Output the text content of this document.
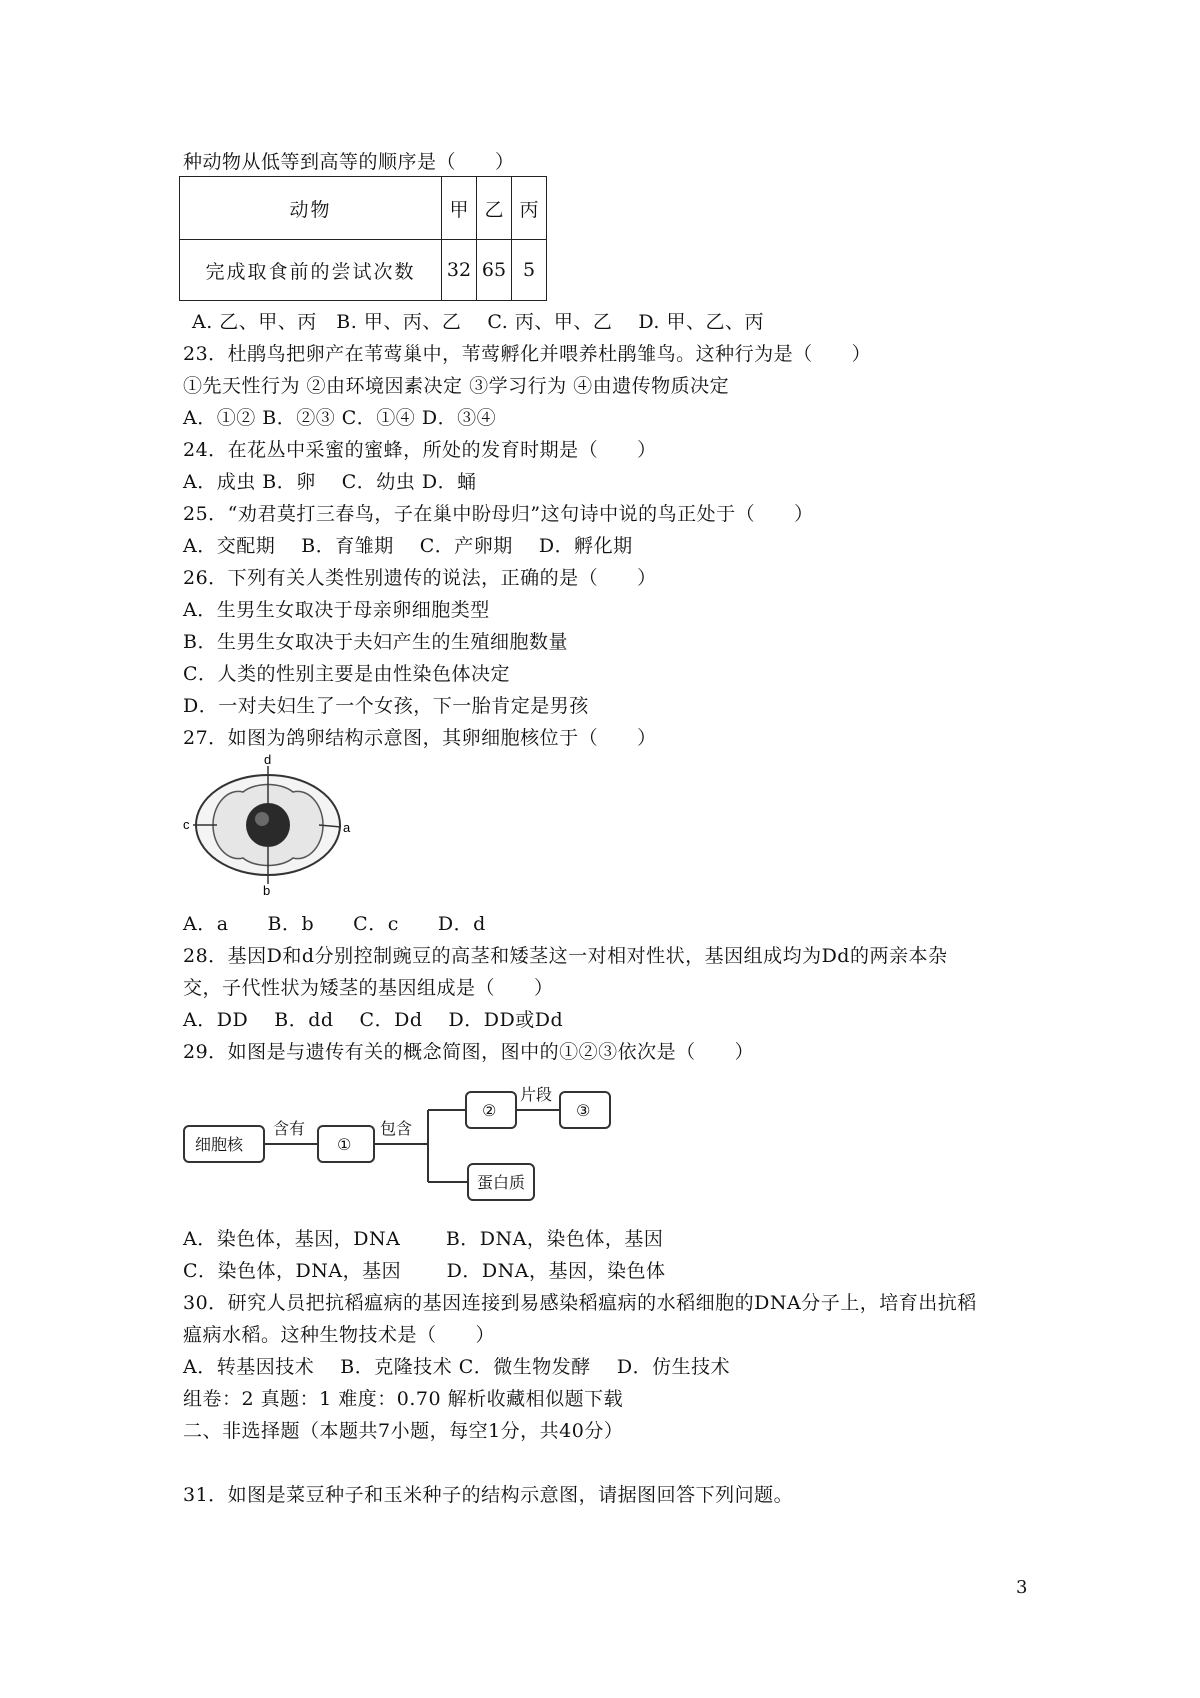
种动物从低等到高等的顺序是（　　）
动物	甲	乙	丙
完成取食前的尝试次数	32	65	5
A. 乙、甲、丙　B. 甲、丙、乙　 C. 丙、甲、乙　 D. 甲、乙、丙
23．杜鹃鸟把卵产在苇莺巢中，苇莺孵化并喂养杜鹃雏鸟。这种行为是（　　）
①先天性行为 ②由环境因素决定 ③学习行为 ④由遗传物质决定
A．①② B．②③ C．①④ D．③④
24．在花丛中采蜜的蜜蜂，所处的发育时期是（　　）
A．成虫 B．卵　 C．幼虫 D．蛹
25．“劝君莫打三春鸟，子在巢中盼母归”这句诗中说的鸟正处于（　　）
A．交配期　 B．育雏期　 C．产卵期　 D．孵化期
26．下列有关人类性别遗传的说法，正确的是（　　）
A．生男生女取决于母亲卵细胞类型
B．生男生女取决于夫妇产生的生殖细胞数量
C．人类的性别主要是由性染色体决定
D．一对夫妇生了一个女孩，下一胎肯定是男孩
27．如图为鸽卵结构示意图，其卵细胞核位于（　　）
d
b
c	a
A．a　　B．b　　C．c　　D．d
28．基因D和d分别控制豌豆的高茎和矮茎这一对相对性状，基因组成均为Dd的两亲本杂
交，子代性状为矮茎的基因组成是（　　）
A．DD　 B．dd　 C．Dd　 D．DD或Dd
29．如图是与遗传有关的概念简图，图中的①②③依次是（　　）
细胞核
含有
①
包含
②
片段
③
蛋白质
A．染色体，基因，DNA　　 B．DNA，染色体，基因
C．染色体，DNA，基因　　 D．DNA，基因，染色体
30．研究人员把抗稻瘟病的基因连接到易感染稻瘟病的水稻细胞的DNA分子上，培育出抗稻
瘟病水稻。这种生物技术是（　　）
A．转基因技术　 B．克隆技术 C．微生物发酵　 D．仿生技术
组卷：2 真题：1 难度：0.70 解析收藏相似题下载
二、非选择题（本题共7小题，每空1分，共40分）
31．如图是菜豆种子和玉米种子的结构示意图，请据图回答下列问题。
3
